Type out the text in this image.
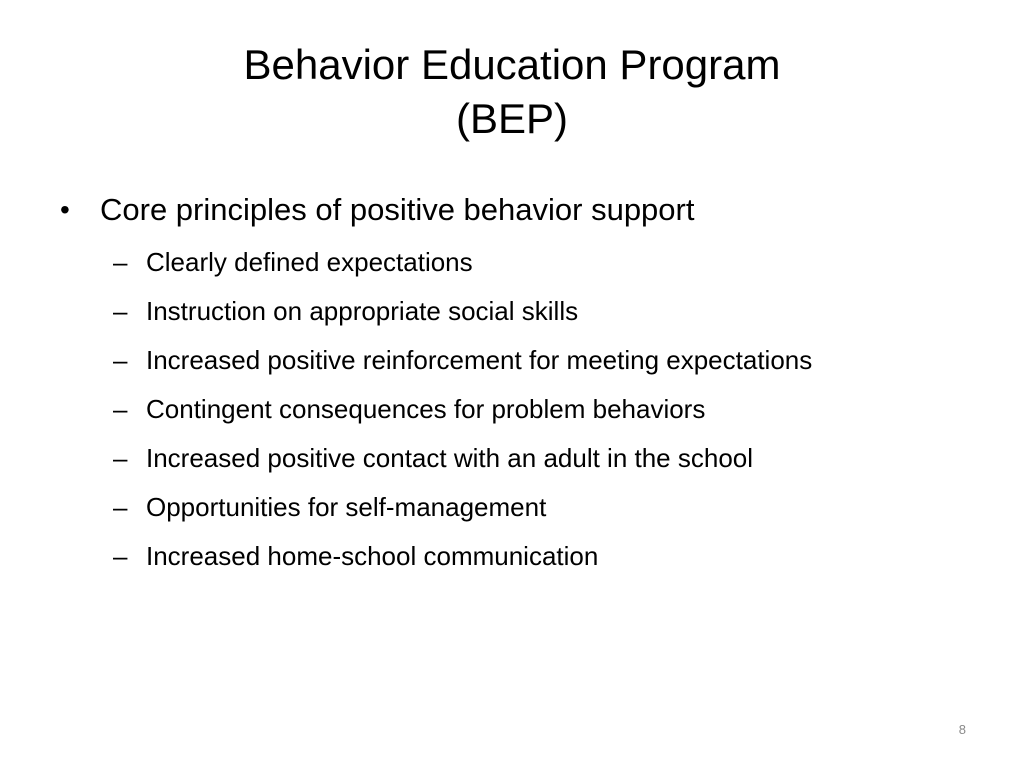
Behavior Education Program
(BEP)
• Core principles of positive behavior support
– Clearly defined expectations
– Instruction on appropriate social skills
– Increased positive reinforcement for meeting expectations
– Contingent consequences for problem behaviors
– Increased positive contact with an adult in the school
– Opportunities for self-management
– Increased home-school communication
8
